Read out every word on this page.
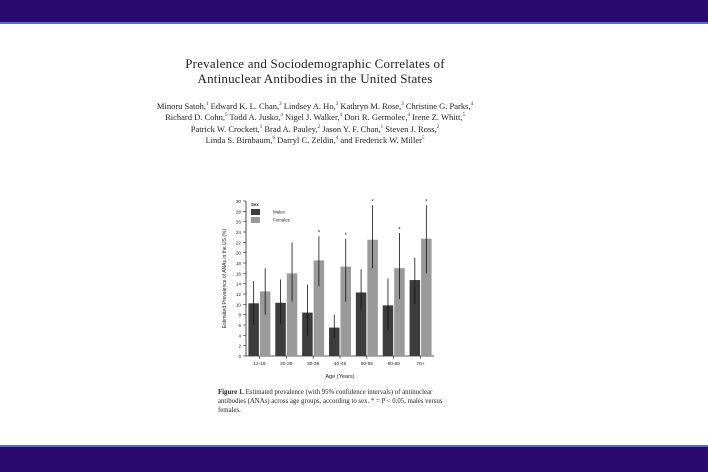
Prevalence and Sociodemographic Correlates of
Antinuclear Antibodies in the United States
Minoru Satoh,$^1$ Edward K. L. Chan,$^2$ Lindsey A. Ho,$^3$ Kathryn M. Rose,$^3$ Christine G. Parks,$^4$
Richard D. Cohn,$^5$ Todd A. Jusko,$^4$ Nigel J. Walker,$^4$ Dori R. Germolec,$^4$ Irene Z. Whitt,$^5$
Patrick W. Crockett,$^1$ Brad A. Pauley,$^2$ Jason Y. F. Chan,$^1$ Steven J. Ross,$^2$
Linda S. Birnbaum,$^6$ Darryl C. Zeldin,$^4$ and Frederick W. Miller$^5$
0
2
4
6
8
10
12
14
16
18
20
22
24
26
28
30
Estimated Prevalence of ANAs in the US (%)
12-19	20-29
*
30-39
*
40-49
*
50-59
*
60-69
*
70+
Age (Years)
Sex
Males
Females
Figure 1. Estimated prevalence (with 95% confidence intervals) of antinuclear antibodies (ANAs) across age groups, according to sex. * = P < 0.05, males versus females.
